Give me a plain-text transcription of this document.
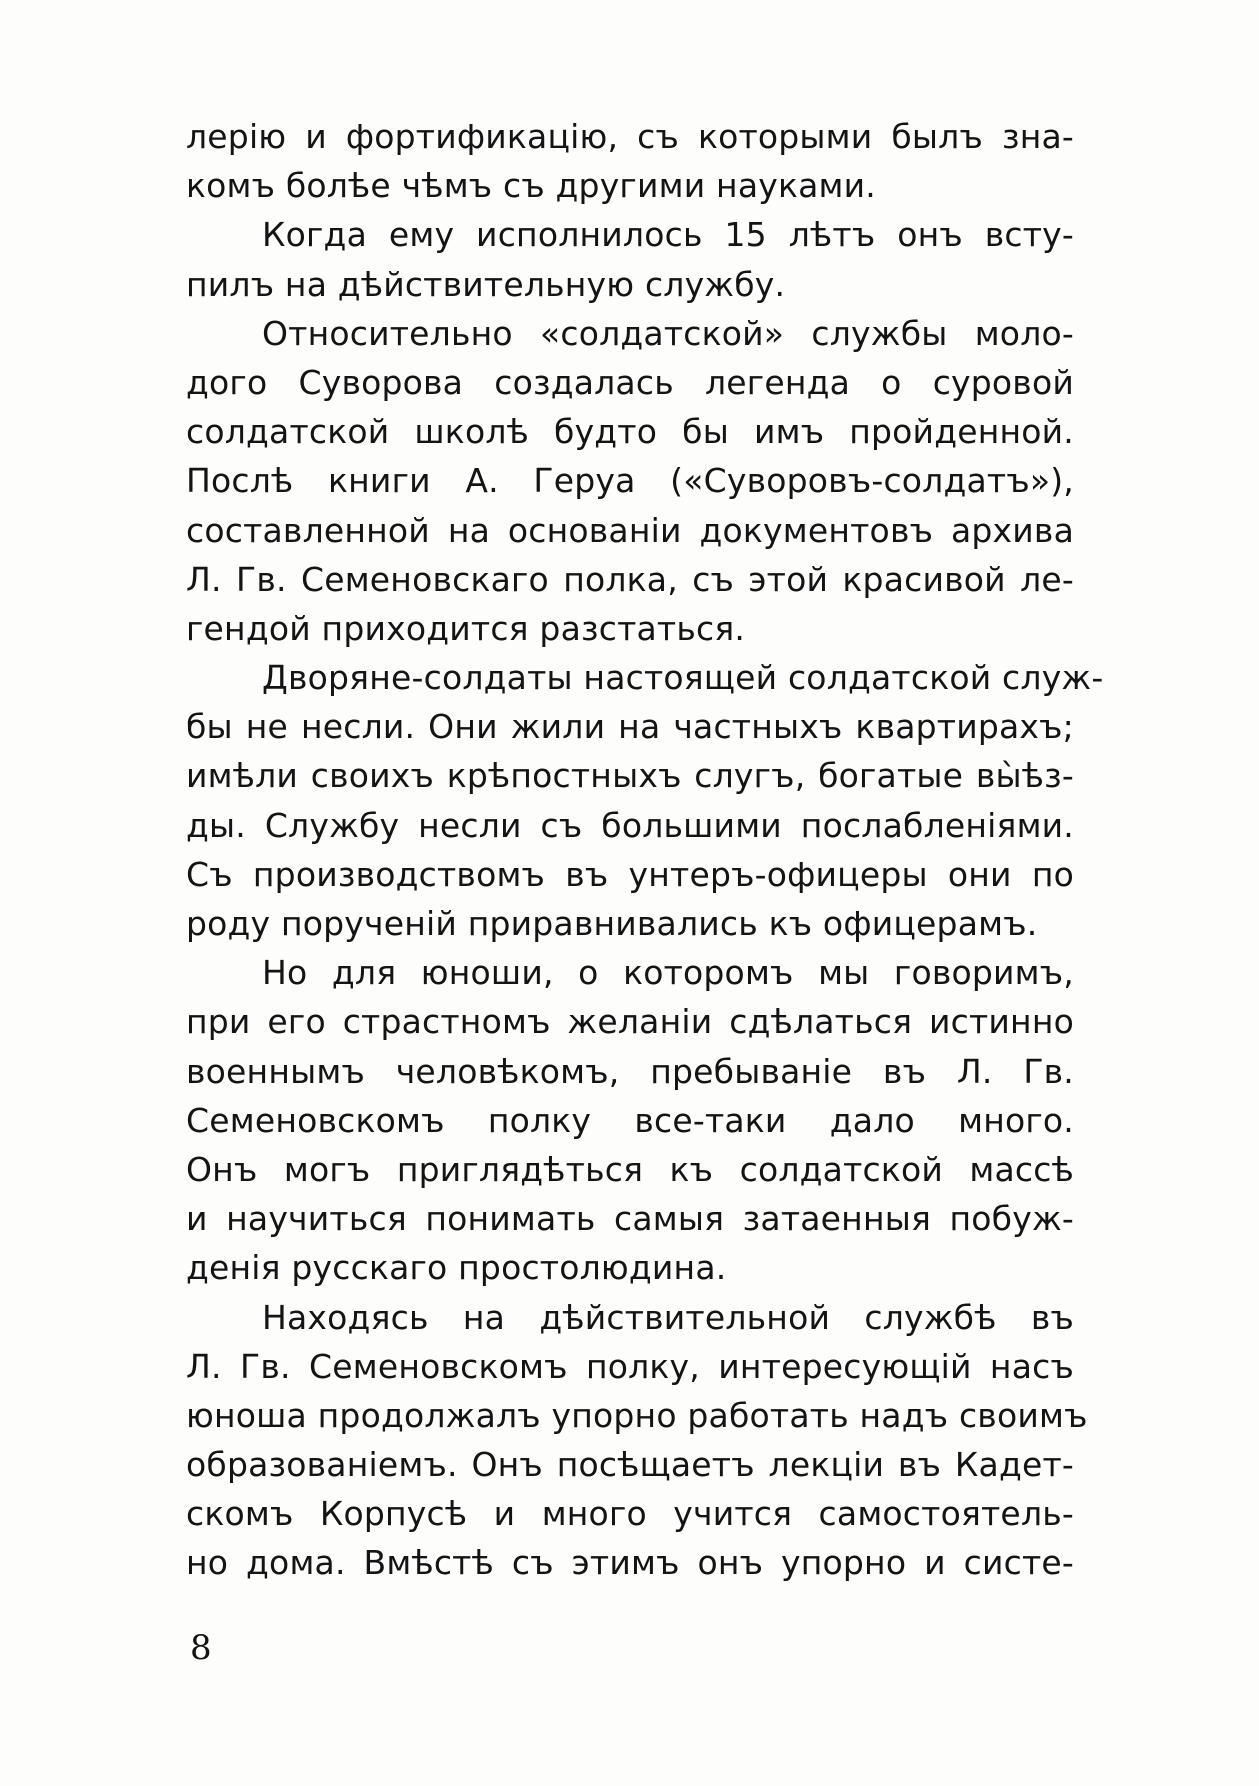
лерію и фортификацію, съ которыми былъ зна-
комъ болѣе чѣмъ съ другими науками.
Когда ему исполнилось 15 лѣтъ онъ всту-
пилъ на дѣйствительную службу.
Относительно «солдатской» службы моло-
дого Суворова создалась легенда о суровой
солдатской школѣ будто бы имъ пройденной.
Послѣ книги А. Геруа («Суворовъ-солдатъ»),
составленной на основаніи документовъ архива
Л. Гв. Семеновскаго полка, съ этой красивой ле-
гендой приходится разстаться.
Дворяне-солдаты настоящей солдатской служ-
бы не несли. Они жили на частныхъ квартирахъ;
имѣли своихъ крѣпостныхъ слугъ, богатые вы̀ѣз-
ды. Службу несли съ большими послабленіями.
Съ производствомъ въ унтеръ-офицеры они по
роду порученій приравнивались къ офицерамъ.
Но для юноши, о которомъ мы говоримъ,
при его страстномъ желаніи сдѣлаться истинно
военнымъ человѣкомъ, пребываніе въ Л. Гв.
Семеновскомъ полку все-таки дало много.
Онъ могъ приглядѣться къ солдатской массѣ
и научиться понимать самыя затаенныя побуж-
денія русскаго простолюдина.
Находясь на дѣйствительной службѣ въ
Л. Гв. Семеновскомъ полку, интересующій насъ
юноша продолжалъ упорно работать надъ своимъ
образованіемъ. Онъ посѣщаетъ лекціи въ Кадет-
скомъ Корпусѣ и много учится самостоятель-
но дома. Вмѣстѣ съ этимъ онъ упорно и систе-
8
